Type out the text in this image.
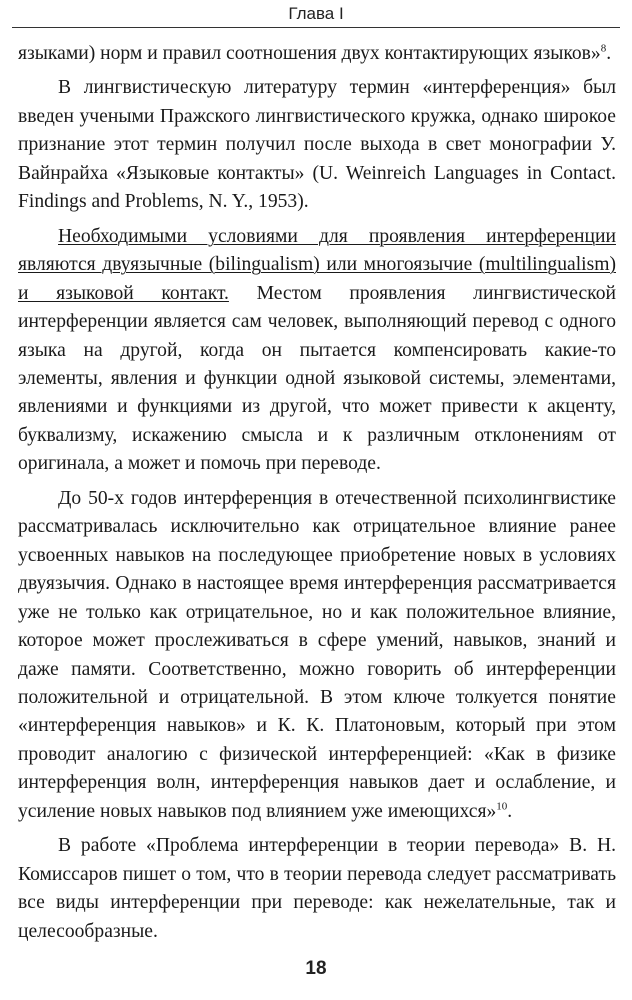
Глава I

языками) норм и правил соотношения двух контактирующих языков»$^8$.

В лингвистическую литературу термин «интерференция» был введен учеными Пражского лингвистического кружка, однако широкое признание этот термин получил после выхода в свет монографии У. Вайнрайха «Языковые контакты» (U. Weinreich Languages in Contact. Findings and Problems, N. Y., 1953).

Необходимыми условиями для проявления интерференции являются двуязычные (bilingualism) или многоязычие (multilingualism) и языковой контакт. Местом проявления лингвистической интерференции является сам человек, выполняющий перевод с одного языка на другой, когда он пытается компенсировать какие-то элементы, явления и функции одной языковой системы, элементами, явлениями и функциями из другой, что может привести к акценту, буквализму, искажению смысла и к различным отклонениям от оригинала, а может и помочь при переводе.

До 50-х годов интерференция в отечественной психолингвистике рассматривалась исключительно как отрицательное влияние ранее усвоенных навыков на последующее приобретение новых в условиях двуязычия. Однако в настоящее время интерференция рассматривается уже не только как отрицательное, но и как положительное влияние, которое может прослеживаться в сфере умений, навыков, знаний и даже памяти. Соответственно, можно говорить об интерференции положительной и отрицательной. В этом ключе толкуется понятие «интерференция навыков» и К. К. Платоновым, который при этом проводит аналогию с физической интерференцией: «Как в физике интерференция волн, интерференция навыков дает и ослабление, и усиление новых навыков под влиянием уже имеющихся»$^{10}$.

В работе «Проблема интерференции в теории перевода» В. Н. Комиссаров пишет о том, что в теории перевода следует рассматривать все виды интерференции при переводе: как нежелательные, так и целесообразные.

18
